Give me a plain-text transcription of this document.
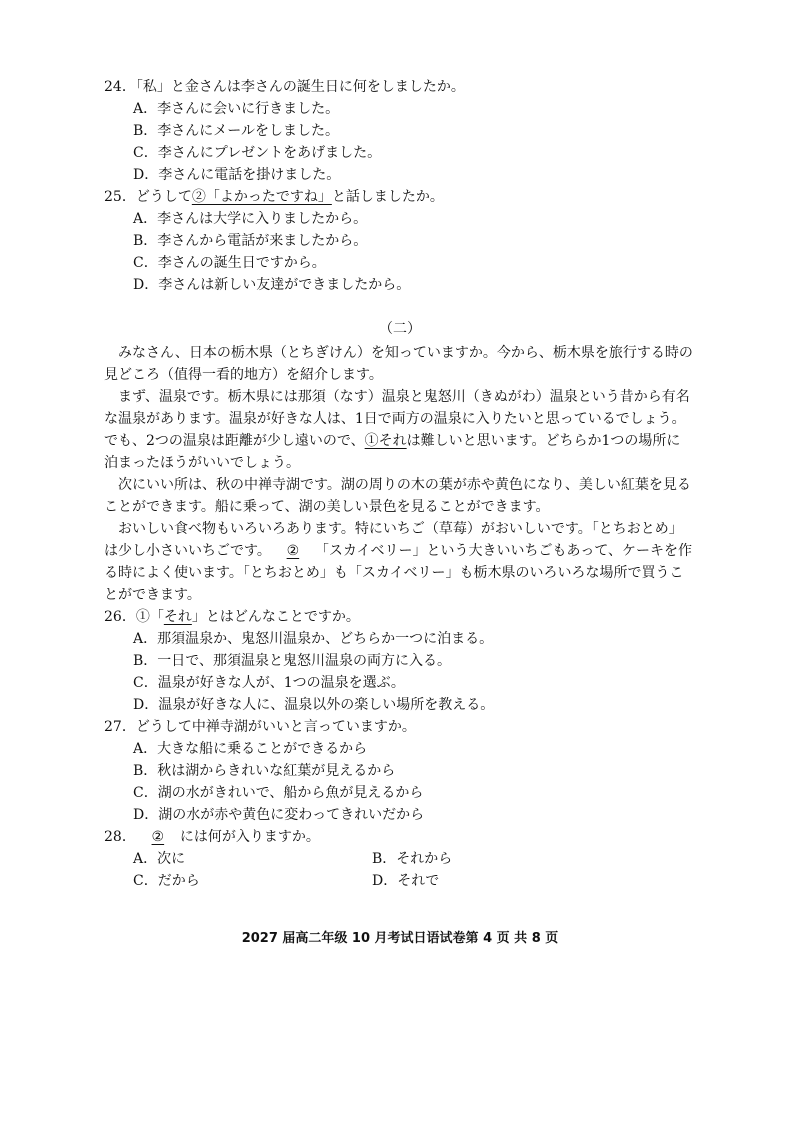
24．「私」と金さんは李さんの誕生日に何をしましたか。
A．李さんに会いに行きました。
B．李さんにメールをしました。
C．李さんにプレゼントをあげました。
D．李さんに電話を掛けました。
25．どうして②「よかったですね」と話しましたか。
A．李さんは大学に入りましたから。
B．李さんから電話が来ましたから。
C．李さんの誕生日ですから。
D．李さんは新しい友達ができましたから。
（二）
みなさん、日本の栃木県（とちぎけん）を知っていますか。今から、栃木県を旅行する時の
見どころ（值得一看的地方）を紹介します。
まず、温泉です。栃木県には那須（なす）温泉と鬼怒川（きぬがわ）温泉という昔から有名
な温泉があります。温泉が好きな人は、1日で両方の温泉に入りたいと思っているでしょう。
でも、2つの温泉は距離が少し遠いので、①それは難しいと思います。どちらか1つの場所に
泊まったほうがいいでしょう。
次にいい所は、秋の中禅寺湖です。湖の周りの木の葉が赤や黄色になり、美しい紅葉を見る
ことができます。船に乗って、湖の美しい景色を見ることができます。
おいしい食べ物もいろいろあります。特にいちご（草莓）がおいしいです。「とちおとめ」
は少し小さいいちごです。 ② 「スカイベリー」という大きいいちごもあって、ケーキを作
る時によく使います。「とちおとめ」も「スカイベリー」も栃木県のいろいろな場所で買うこ
とができます。
26．①「それ」とはどんなことですか。
A．那須温泉か、鬼怒川温泉か、どちらか一つに泊まる。
B．一日で、那須温泉と鬼怒川温泉の両方に入る。
C．温泉が好きな人が、1つの温泉を選ぶ。
D．温泉が好きな人に、温泉以外の楽しい場所を教える。
27．どうして中禅寺湖がいいと言っていますか。
A．大きな船に乗ることができるから
B．秋は湖からきれいな紅葉が見えるから
C．湖の水がきれいで、船から魚が見えるから
D．湖の水が赤や黄色に変わってきれいだから
28． ② には何が入りますか。
A．次に	B．それから
C．だから	D．それで
2027 届高二年级 10 月考试日语试卷第 4 页 共 8 页
